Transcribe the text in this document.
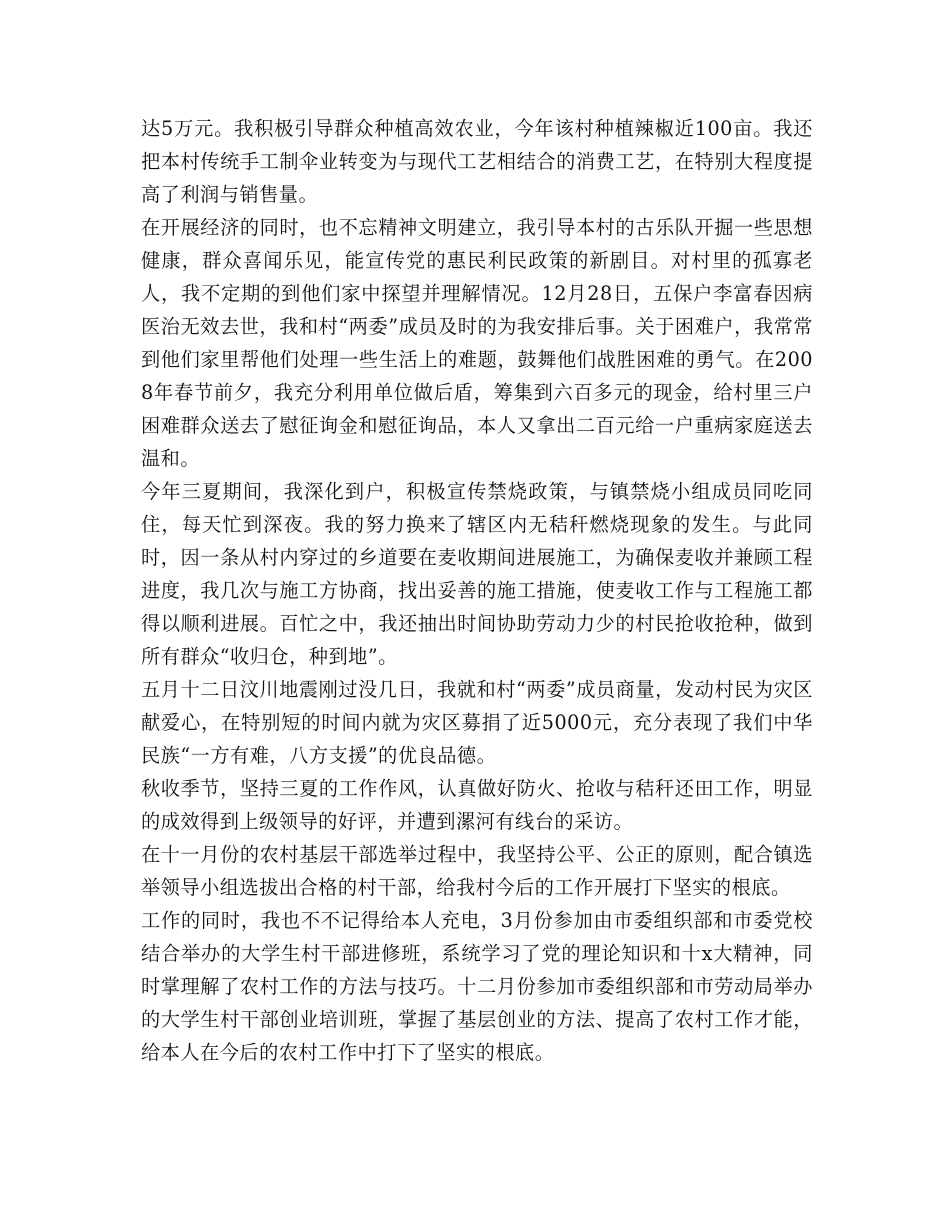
达5万元。我积极引导群众种植高效农业，今年该村种植辣椒近100亩。我还把本村传统手工制伞业转变为与现代工艺相结合的消费工艺，在特别大程度提高了利润与销售量。

在开展经济的同时，也不忘精神文明建立，我引导本村的古乐队开掘一些思想健康，群众喜闻乐见，能宣传党的惠民利民政策的新剧目。对村里的孤寡老人，我不定期的到他们家中探望并理解情况。12月28日，五保户李富春因病医治无效去世，我和村“两委”成员及时的为我安排后事。关于困难户，我常常到他们家里帮他们处理一些生活上的难题，鼓舞他们战胜困难的勇气。在2008年春节前夕，我充分利用单位做后盾，筹集到六百多元的现金，给村里三户困难群众送去了慰征询金和慰征询品，本人又拿出二百元给一户重病家庭送去温和。

今年三夏期间，我深化到户，积极宣传禁烧政策，与镇禁烧小组成员同吃同住，每天忙到深夜。我的努力换来了辖区内无秸秆燃烧现象的发生。与此同时，因一条从村内穿过的乡道要在麦收期间进展施工，为确保麦收并兼顾工程进度，我几次与施工方协商，找出妥善的施工措施，使麦收工作与工程施工都得以顺利进展。百忙之中，我还抽出时间协助劳动力少的村民抢收抢种，做到所有群众“收归仓，种到地”。

五月十二日汶川地震刚过没几日，我就和村“两委”成员商量，发动村民为灾区献爱心，在特别短的时间内就为灾区募捐了近5000元，充分表现了我们中华民族“一方有难，八方支援”的优良品德。

秋收季节，坚持三夏的工作作风，认真做好防火、抢收与秸秆还田工作，明显的成效得到上级领导的好评，并遭到漯河有线台的采访。

在十一月份的农村基层干部选举过程中，我坚持公平、公正的原则，配合镇选举领导小组选拔出合格的村干部，给我村今后的工作开展打下坚实的根底。

工作的同时，我也不不记得给本人充电，3月份参加由市委组织部和市委党校结合举办的大学生村干部进修班，系统学习了党的理论知识和十x大精神，同时掌理解了农村工作的方法与技巧。十二月份参加市委组织部和市劳动局举办的大学生村干部创业培训班，掌握了基层创业的方法、提高了农村工作才能，给本人在今后的农村工作中打下了坚实的根底。
